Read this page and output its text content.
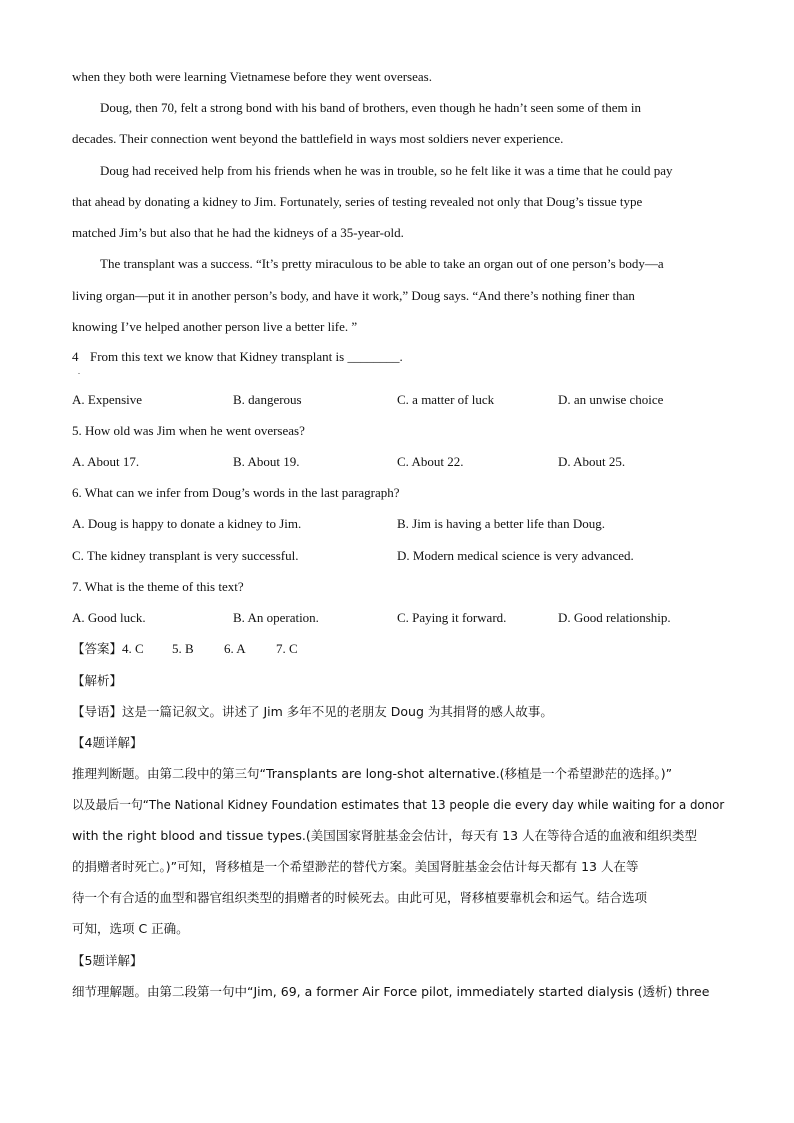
when they both were learning Vietnamese before they went overseas.
Doug, then 70, felt a strong bond with his band of brothers, even though he hadn’t seen some of them in
decades. Their connection went beyond the battlefield in ways most soldiers never experience.
Doug had received help from his friends when he was in trouble, so he felt like it was a time that he could pay
that ahead by donating a kidney to Jim. Fortunately, series of testing revealed not only that Doug’s tissue type
matched Jim’s but also that he had the kidneys of a 35-year-old.
The transplant was a success. “It’s pretty miraculous to be able to take an organ out of one person’s body—a
living organ—put it in another person’s body, and have it work,” Doug says. “And there’s nothing finer than
knowing I’ve helped another person live a better life. ”
4
.
From this text we know that Kidney transplant is ________.
A. Expensive	B. dangerous	C. a matter of luck	D. an unwise choice
5. How old was Jim when he went overseas?
A. About 17.	B. About 19.	C. About 22.	D. About 25.
6. What can we infer from Doug’s words in the last paragraph?
A. Doug is happy to donate a kidney to Jim.	B. Jim is having a better life than Doug.
C. The kidney transplant is very successful.	D. Modern medical science is very advanced.
7. What is the theme of this text?
A. Good luck.	B. An operation.	C. Paying it forward.	D. Good relationship.
【答案】4. C 5. B 6. A 7. C
【解析】
【导语】这是一篇记叙文。讲述了 Jim 多年不见的老朋友 Doug 为其捐肾的感人故事。
【4题详解】
推理判断题。由第二段中的第三句“Transplants are long-shot alternative.(移植是一个希望渺茫的选择。)”
以及最后一句“The National Kidney Foundation estimates that 13 people die every day while waiting for a donor
with the right blood and tissue types.(美国国家肾脏基金会估计，每天有 13 人在等待合适的血液和组织类型
的捐赠者时死亡。)”可知，肾移植是一个希望渺茫的替代方案。美国肾脏基金会估计每天都有 13 人在等
待一个有合适的血型和器官组织类型的捐赠者的时候死去。由此可见，肾移植要靠机会和运气。结合选项
可知，选项 C 正确。
【5题详解】
细节理解题。由第二段第一句中“Jim, 69, a former Air Force pilot, immediately started dialysis (透析) three
